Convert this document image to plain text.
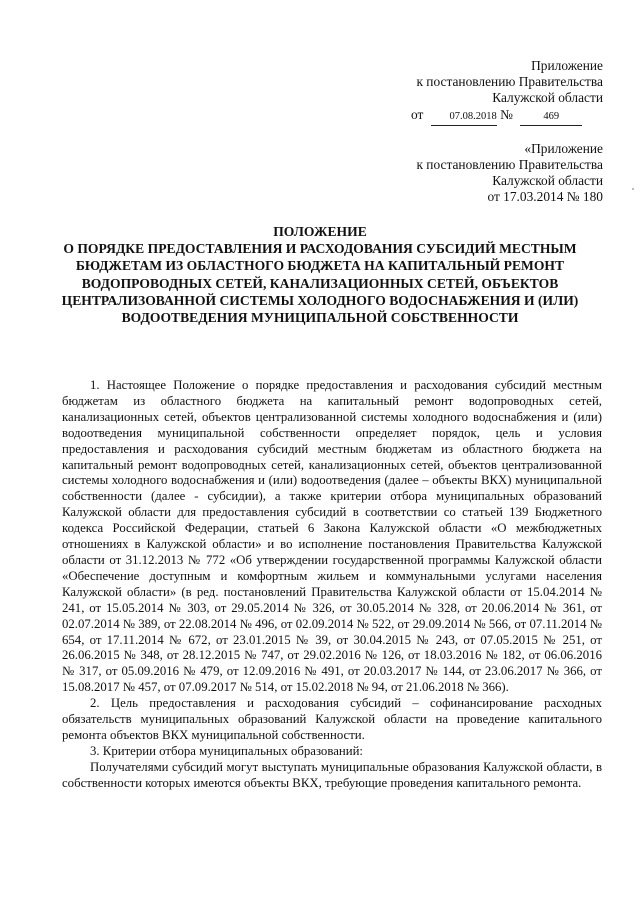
Приложение
к постановлению Правительства
Калужской области
от 07.08.2018 №	469
«Приложение
к постановлению Правительства
Калужской области
от 17.03.2014 № 180
ПОЛОЖЕНИЕ
О ПОРЯДКЕ ПРЕДОСТАВЛЕНИЯ И РАСХОДОВАНИЯ СУБСИДИЙ МЕСТНЫМ
БЮДЖЕТАМ ИЗ ОБЛАСТНОГО БЮДЖЕТА НА КАПИТАЛЬНЫЙ РЕМОНТ
ВОДОПРОВОДНЫХ СЕТЕЙ, КАНАЛИЗАЦИОННЫХ СЕТЕЙ, ОБЪЕКТОВ
ЦЕНТРАЛИЗОВАННОЙ СИСТЕМЫ ХОЛОДНОГО ВОДОСНАБЖЕНИЯ И (ИЛИ)
ВОДООТВЕДЕНИЯ МУНИЦИПАЛЬНОЙ СОБСТВЕННОСТИ

1. Настоящее Положение о порядке предоставления и расходования субсидий местным бюджетам из областного бюджета на капитальный ремонт водопроводных сетей, канализационных сетей, объектов централизованной системы холодного водоснабжения и (или) водоотведения муниципальной собственности определяет порядок, цель и условия предоставления и расходования субсидий местным бюджетам из областного бюджета на капитальный ремонт водопроводных сетей, канализационных сетей, объектов централизованной системы холодного водоснабжения и (или) водоотведения (далее – объекты ВКХ) муниципальной собственности (далее - субсидии), а также критерии отбора муниципальных образований Калужской области для предоставления субсидий в соответствии со статьей 139 Бюджетного кодекса Российской Федерации, статьей 6 Закона Калужской области «О межбюджетных отношениях в Калужской области» и во исполнение постановления Правительства Калужской области от 31.12.2013 № 772 «Об утверждении государственной программы Калужской области «Обеспечение доступным и комфортным жильем и коммунальными услугами населения Калужской области» (в ред. постановлений Правительства Калужской области от 15.04.2014 № 241, от 15.05.2014 № 303, от 29.05.2014 № 326, от 30.05.2014 № 328, от 20.06.2014 № 361, от 02.07.2014 № 389, от 22.08.2014 № 496, от 02.09.2014 № 522, от 29.09.2014 № 566, от 07.11.2014 № 654, от 17.11.2014 № 672, от 23.01.2015 № 39, от 30.04.2015 № 243, от 07.05.2015 № 251, от 26.06.2015 № 348, от 28.12.2015 № 747, от 29.02.2016 № 126, от 18.03.2016 № 182, от 06.06.2016 № 317, от 05.09.2016 № 479, от 12.09.2016 № 491, от 20.03.2017 № 144, от 23.06.2017 № 366, от 15.08.2017 № 457, от 07.09.2017 № 514, от 15.02.2018 № 94, от 21.06.2018 № 366).

2. Цель предоставления и расходования субсидий – софинансирование расходных обязательств муниципальных образований Калужской области на проведение капитального ремонта объектов ВКХ муниципальной собственности.

3. Критерии отбора муниципальных образований:

Получателями субсидий могут выступать муниципальные образования Калужской области, в собственности которых имеются объекты ВКХ, требующие проведения капитального ремонта.
